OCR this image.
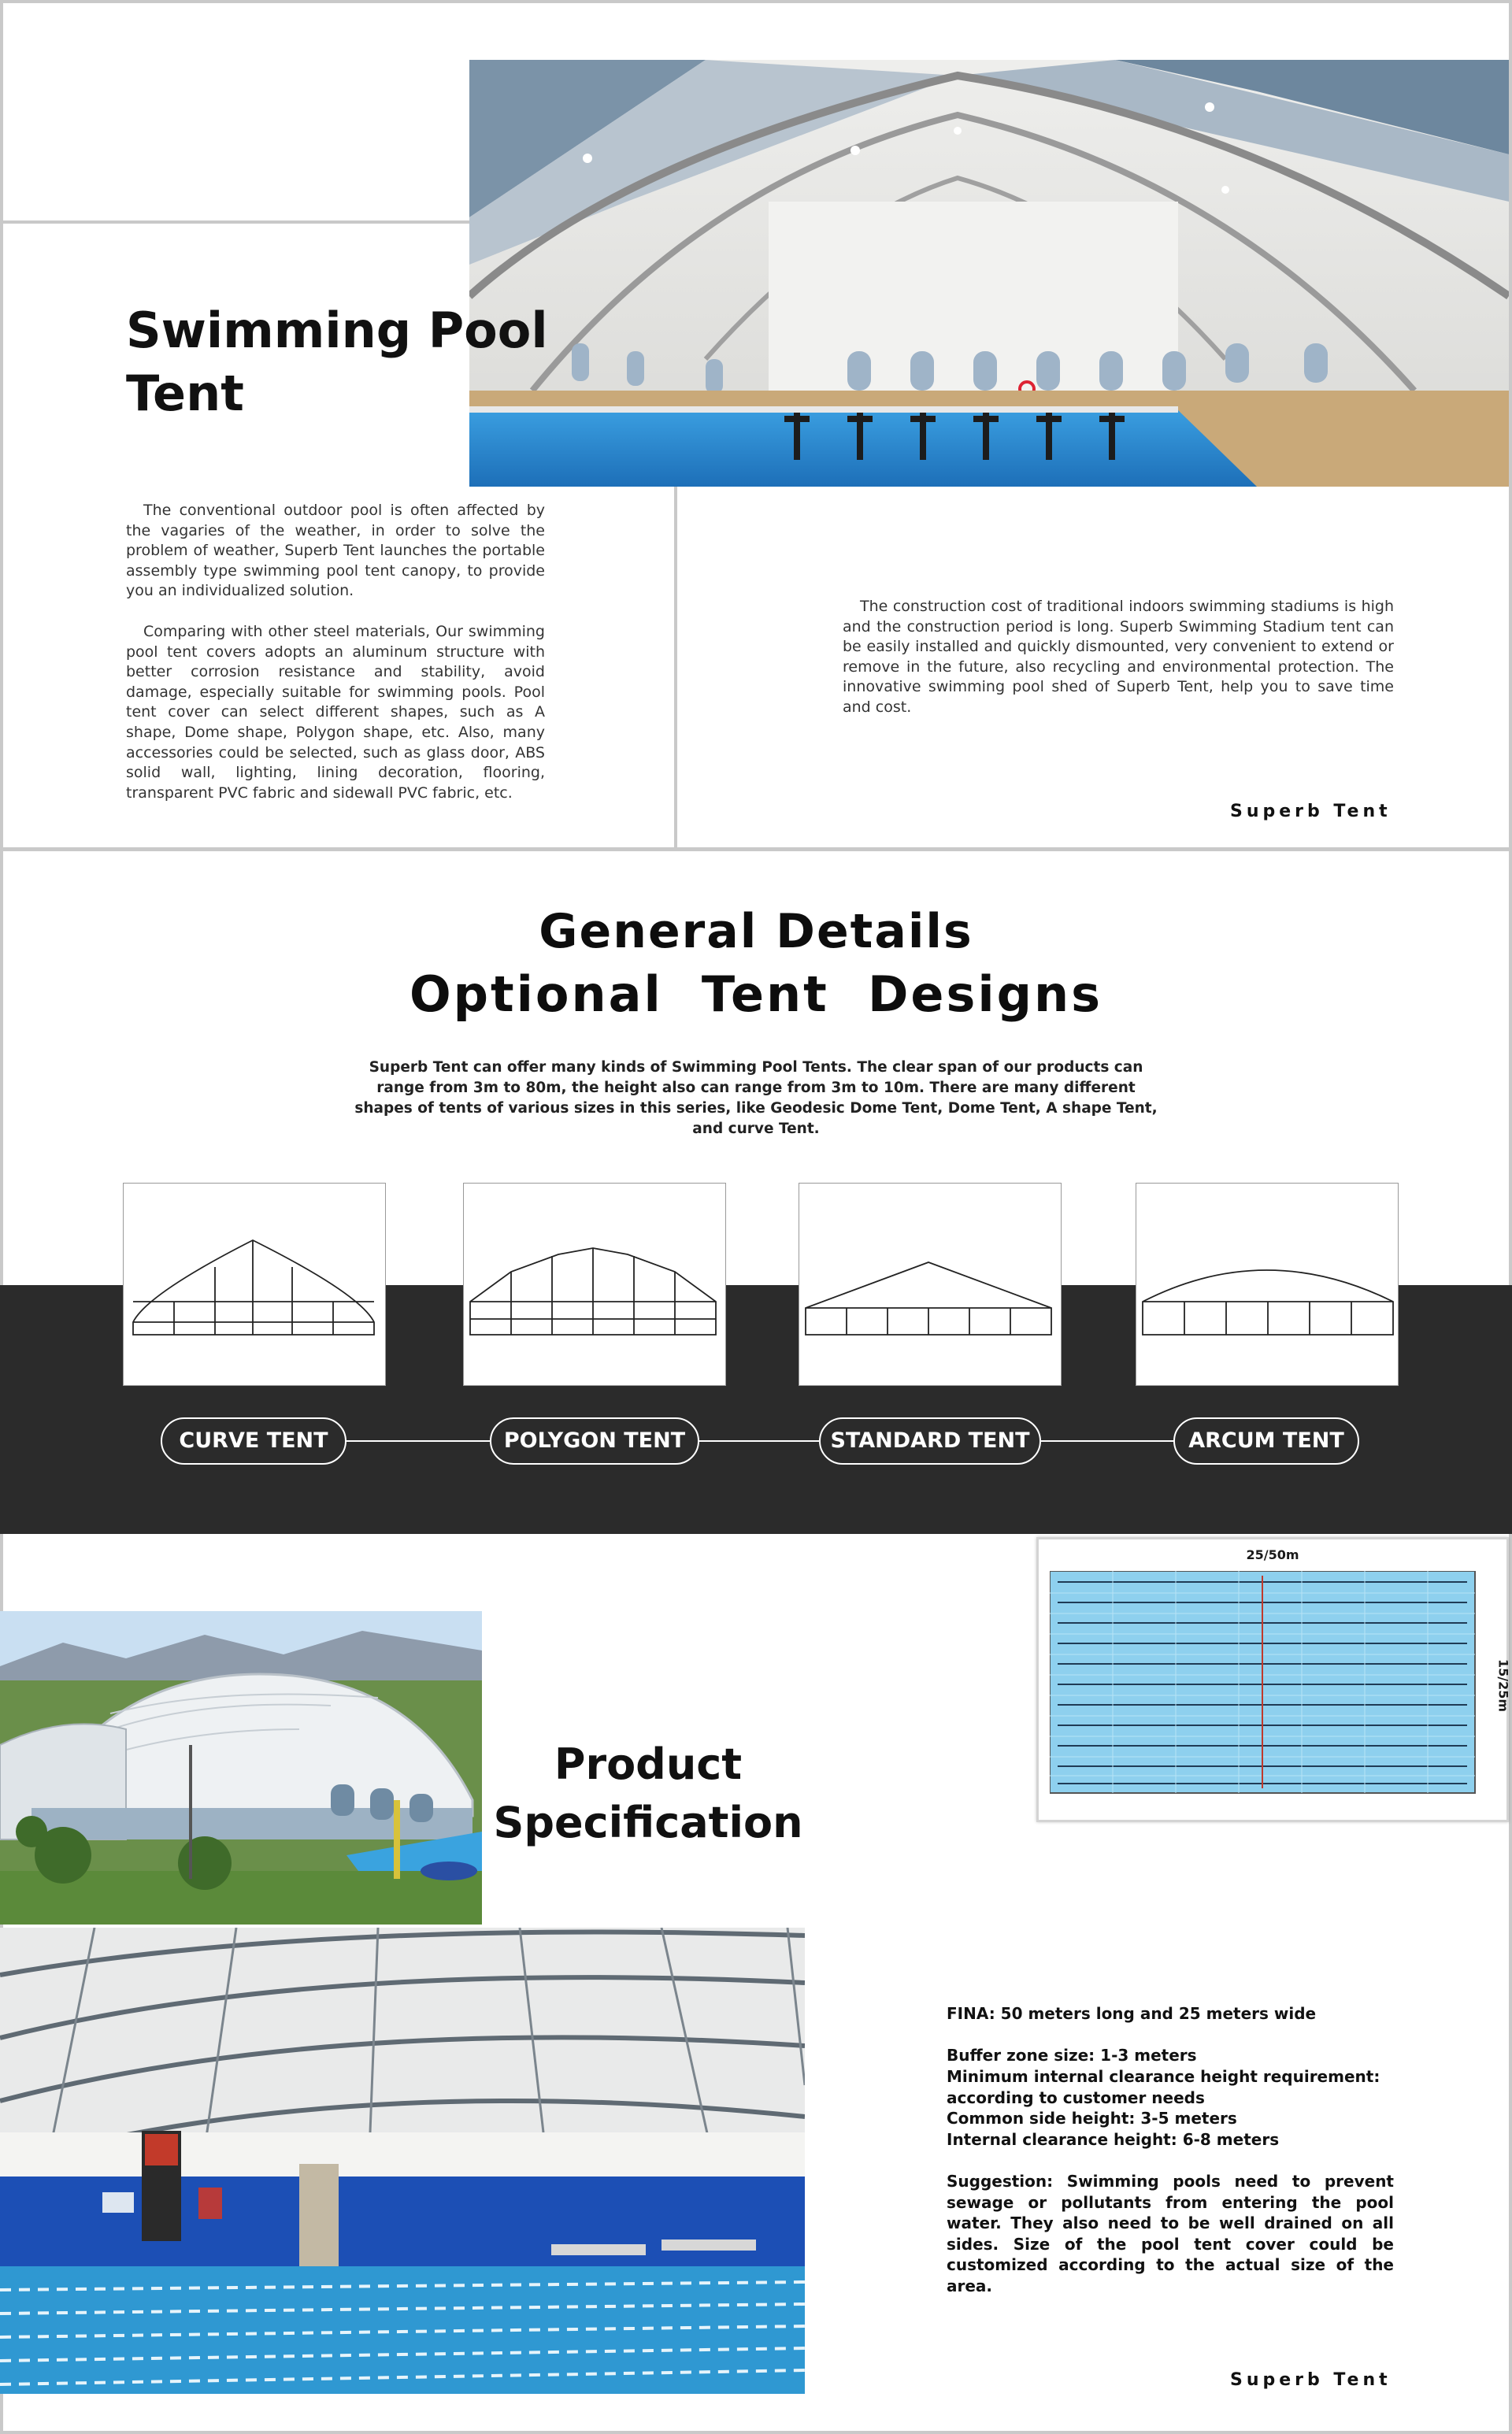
Swimming Pool
Tent
The conventional outdoor pool is often affected by the vagaries of the weather, in order to solve the problem of weather, Superb Tent launches the portable assembly type swimming pool tent canopy, to provide you an individualized solution.
Comparing with other steel materials, Our swimming pool tent covers adopts an aluminum structure with better corrosion resistance and stability, avoid damage, especially suitable for swimming pools. Pool tent cover can select different shapes, such as A shape, Dome shape, Polygon shape, etc. Also, many accessories could be selected, such as glass door, ABS solid wall, lighting, lining decoration, flooring, transparent PVC fabric and sidewall PVC fabric, etc.
The construction cost of traditional indoors swimming stadiums is high and the construction period is long. Superb Swimming Stadium tent can be easily installed and quickly dismounted, very convenient to extend or remove in the future, also recycling and environmental protection. The innovative swimming pool shed of Superb Tent, help you to save time and cost.
Superb Tent
General Details
Optional  Tent  Designs
Superb Tent can offer many kinds of Swimming Pool Tents. The clear span of our products can range from 3m to 80m, the height also can range from 3m to 10m. There are many different shapes of tents of various sizes in this series, like Geodesic Dome Tent, Dome Tent, A shape Tent, and curve Tent.
CURVE TENT	POLYGON TENT	STANDARD TENT	ARCUM TENT
Product
Specification
25/50m
15/25m
FINA: 50 meters long and 25 meters wide
Buffer zone size: 1-3 meters
Minimum internal clearance height requirement: according to customer needs
Common side height: 3-5 meters
Internal clearance height: 6-8 meters
Suggestion: Swimming pools need to prevent sewage or pollutants from entering the pool water. They also need to be well drained on all sides. Size of the pool tent cover could be customized according to the actual size of the area.
Superb Tent
